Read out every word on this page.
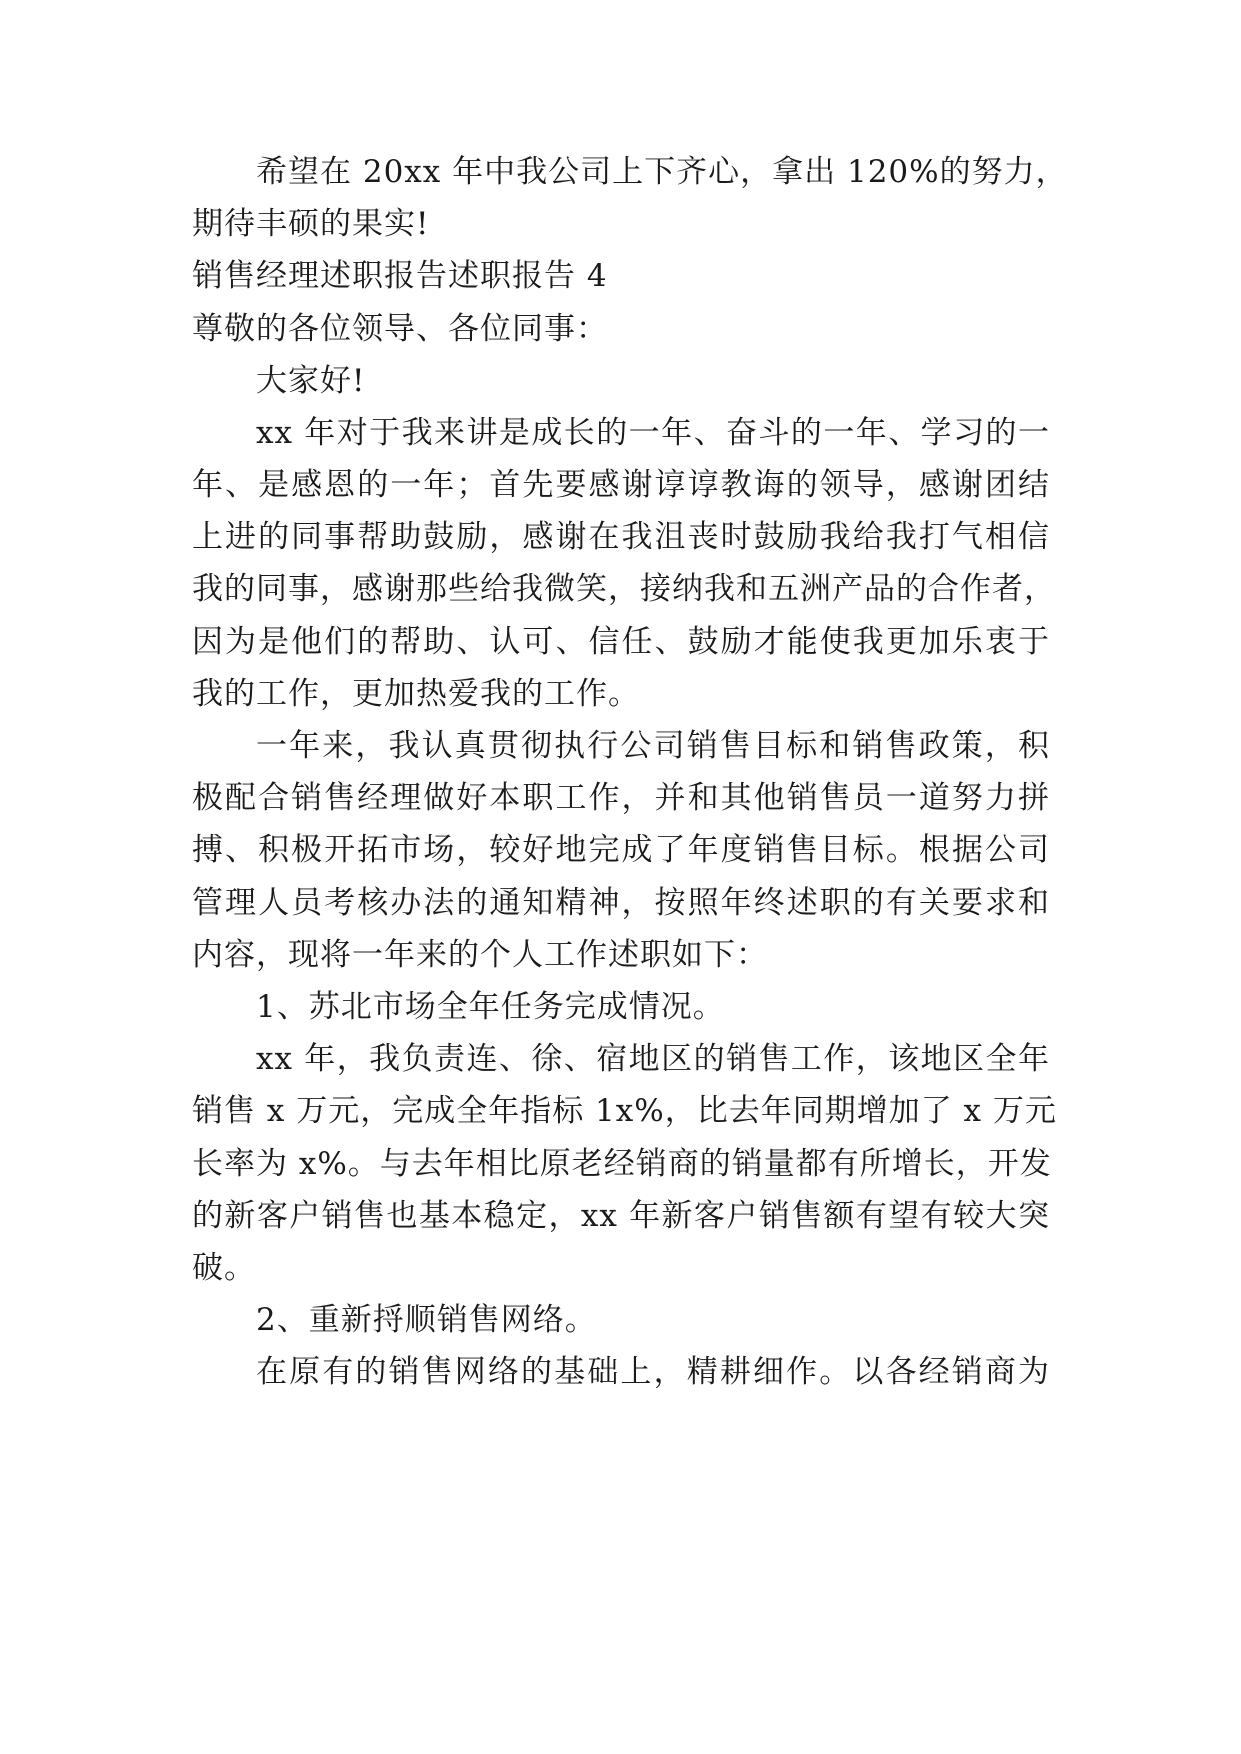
希望在 20xx 年中我公司上下齐心，拿出 120%的努力，
期待丰硕的果实!
销售经理述职报告述职报告 4
尊敬的各位领导、各位同事：
大家好!
xx 年对于我来讲是成长的一年、奋斗的一年、学习的一
年、是感恩的一年；首先要感谢谆谆教诲的领导，感谢团结
上进的同事帮助鼓励，感谢在我沮丧时鼓励我给我打气相信
我的同事，感谢那些给我微笑，接纳我和五洲产品的合作者，
因为是他们的帮助、认可、信任、鼓励才能使我更加乐衷于
我的工作，更加热爱我的工作。
一年来，我认真贯彻执行公司销售目标和销售政策，积
极配合销售经理做好本职工作，并和其他销售员一道努力拼
搏、积极开拓市场，较好地完成了年度销售目标。根据公司
管理人员考核办法的通知精神，按照年终述职的有关要求和
内容，现将一年来的个人工作述职如下：
1、苏北市场全年任务完成情况。
xx 年，我负责连、徐、宿地区的销售工作，该地区全年
销售 x 万元，完成全年指标 1x%，比去年同期增加了 x 万元
长率为 x%。与去年相比原老经销商的销量都有所增长，开发
的新客户销售也基本稳定，xx 年新客户销售额有望有较大突
破。
2、重新捋顺销售网络。
在原有的销售网络的基础上，精耕细作。以各经销商为
